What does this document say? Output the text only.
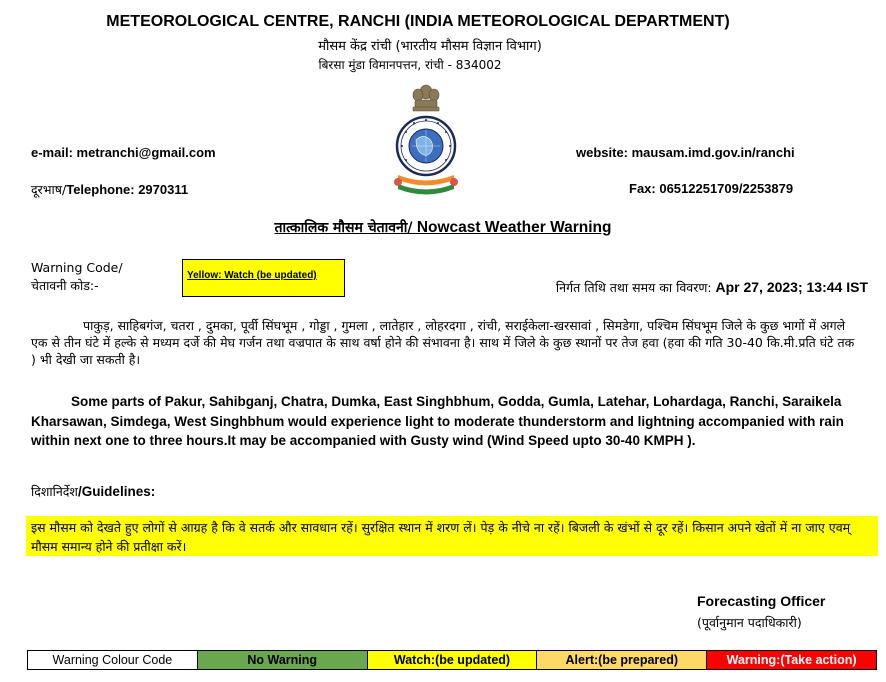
METEOROLOGICAL CENTRE, RANCHI (INDIA METEOROLOGICAL DEPARTMENT)
मौसम केंद्र रांची (भारतीय मौसम विज्ञान विभाग)
बिरसा मुंडा विमानपत्तन, रांची - 834002
e-mail: metranchi@gmail.com
दूरभाष/Telephone: 2970311
website: mausam.imd.gov.in/ranchi
Fax: 06512251709/2253879
तात्कालिक मौसम चेतावनी/ Nowcast Weather Warning
Warning Code/
चेतावनी कोड:-
Yellow: Watch (be updated)
निर्गत तिथि तथा समय का विवरण: Apr 27, 2023; 13:44 IST
पाकुड़, साहिबगंज, चतरा , दुमका, पूर्वी सिंघभूम , गोड्डा , गुमला , लातेहार , लोहरदगा , रांची, सराईकेला-खरसावां , सिमडेगा, पश्चिम सिंघभूम जिले के कुछ भागों में अगले एक से तीन घंटे में हल्के से मध्यम दर्जे की मेघ गर्जन तथा वज्रपात के साथ वर्षा होने की संभावना है। साथ में जिले के कुछ स्थानों पर तेज हवा (हवा की गति 30-40 कि.मी.प्रति घंटे तक ) भी देखी जा सकती है।
Some parts of Pakur, Sahibganj, Chatra, Dumka, East Singhbhum, Godda, Gumla, Latehar, Lohardaga, Ranchi, Saraikela Kharsawan, Simdega, West Singhbhum would experience light to moderate thunderstorm and lightning accompanied with rain within next one to three hours.It may be accompanied with Gusty wind (Wind Speed upto 30-40 KMPH ).
दिशानिर्देश/Guidelines:
इस मौसम को देखते हुए लोगों से आग्रह है कि वे सतर्क और सावधान रहें। सुरक्षित स्थान में शरण लें। पेड़ के नीचे ना रहें। बिजली के खंभों से दूर रहें। किसान अपने खेतों में ना जाए एवम् मौसम समान्य होने की प्रतीक्षा करें।
Forecasting Officer
(पूर्वानुमान पदाधिकारी)
Warning Colour Code	No Warning	Watch:(be updated)	Alert:(be prepared)	Warning:(Take action)
